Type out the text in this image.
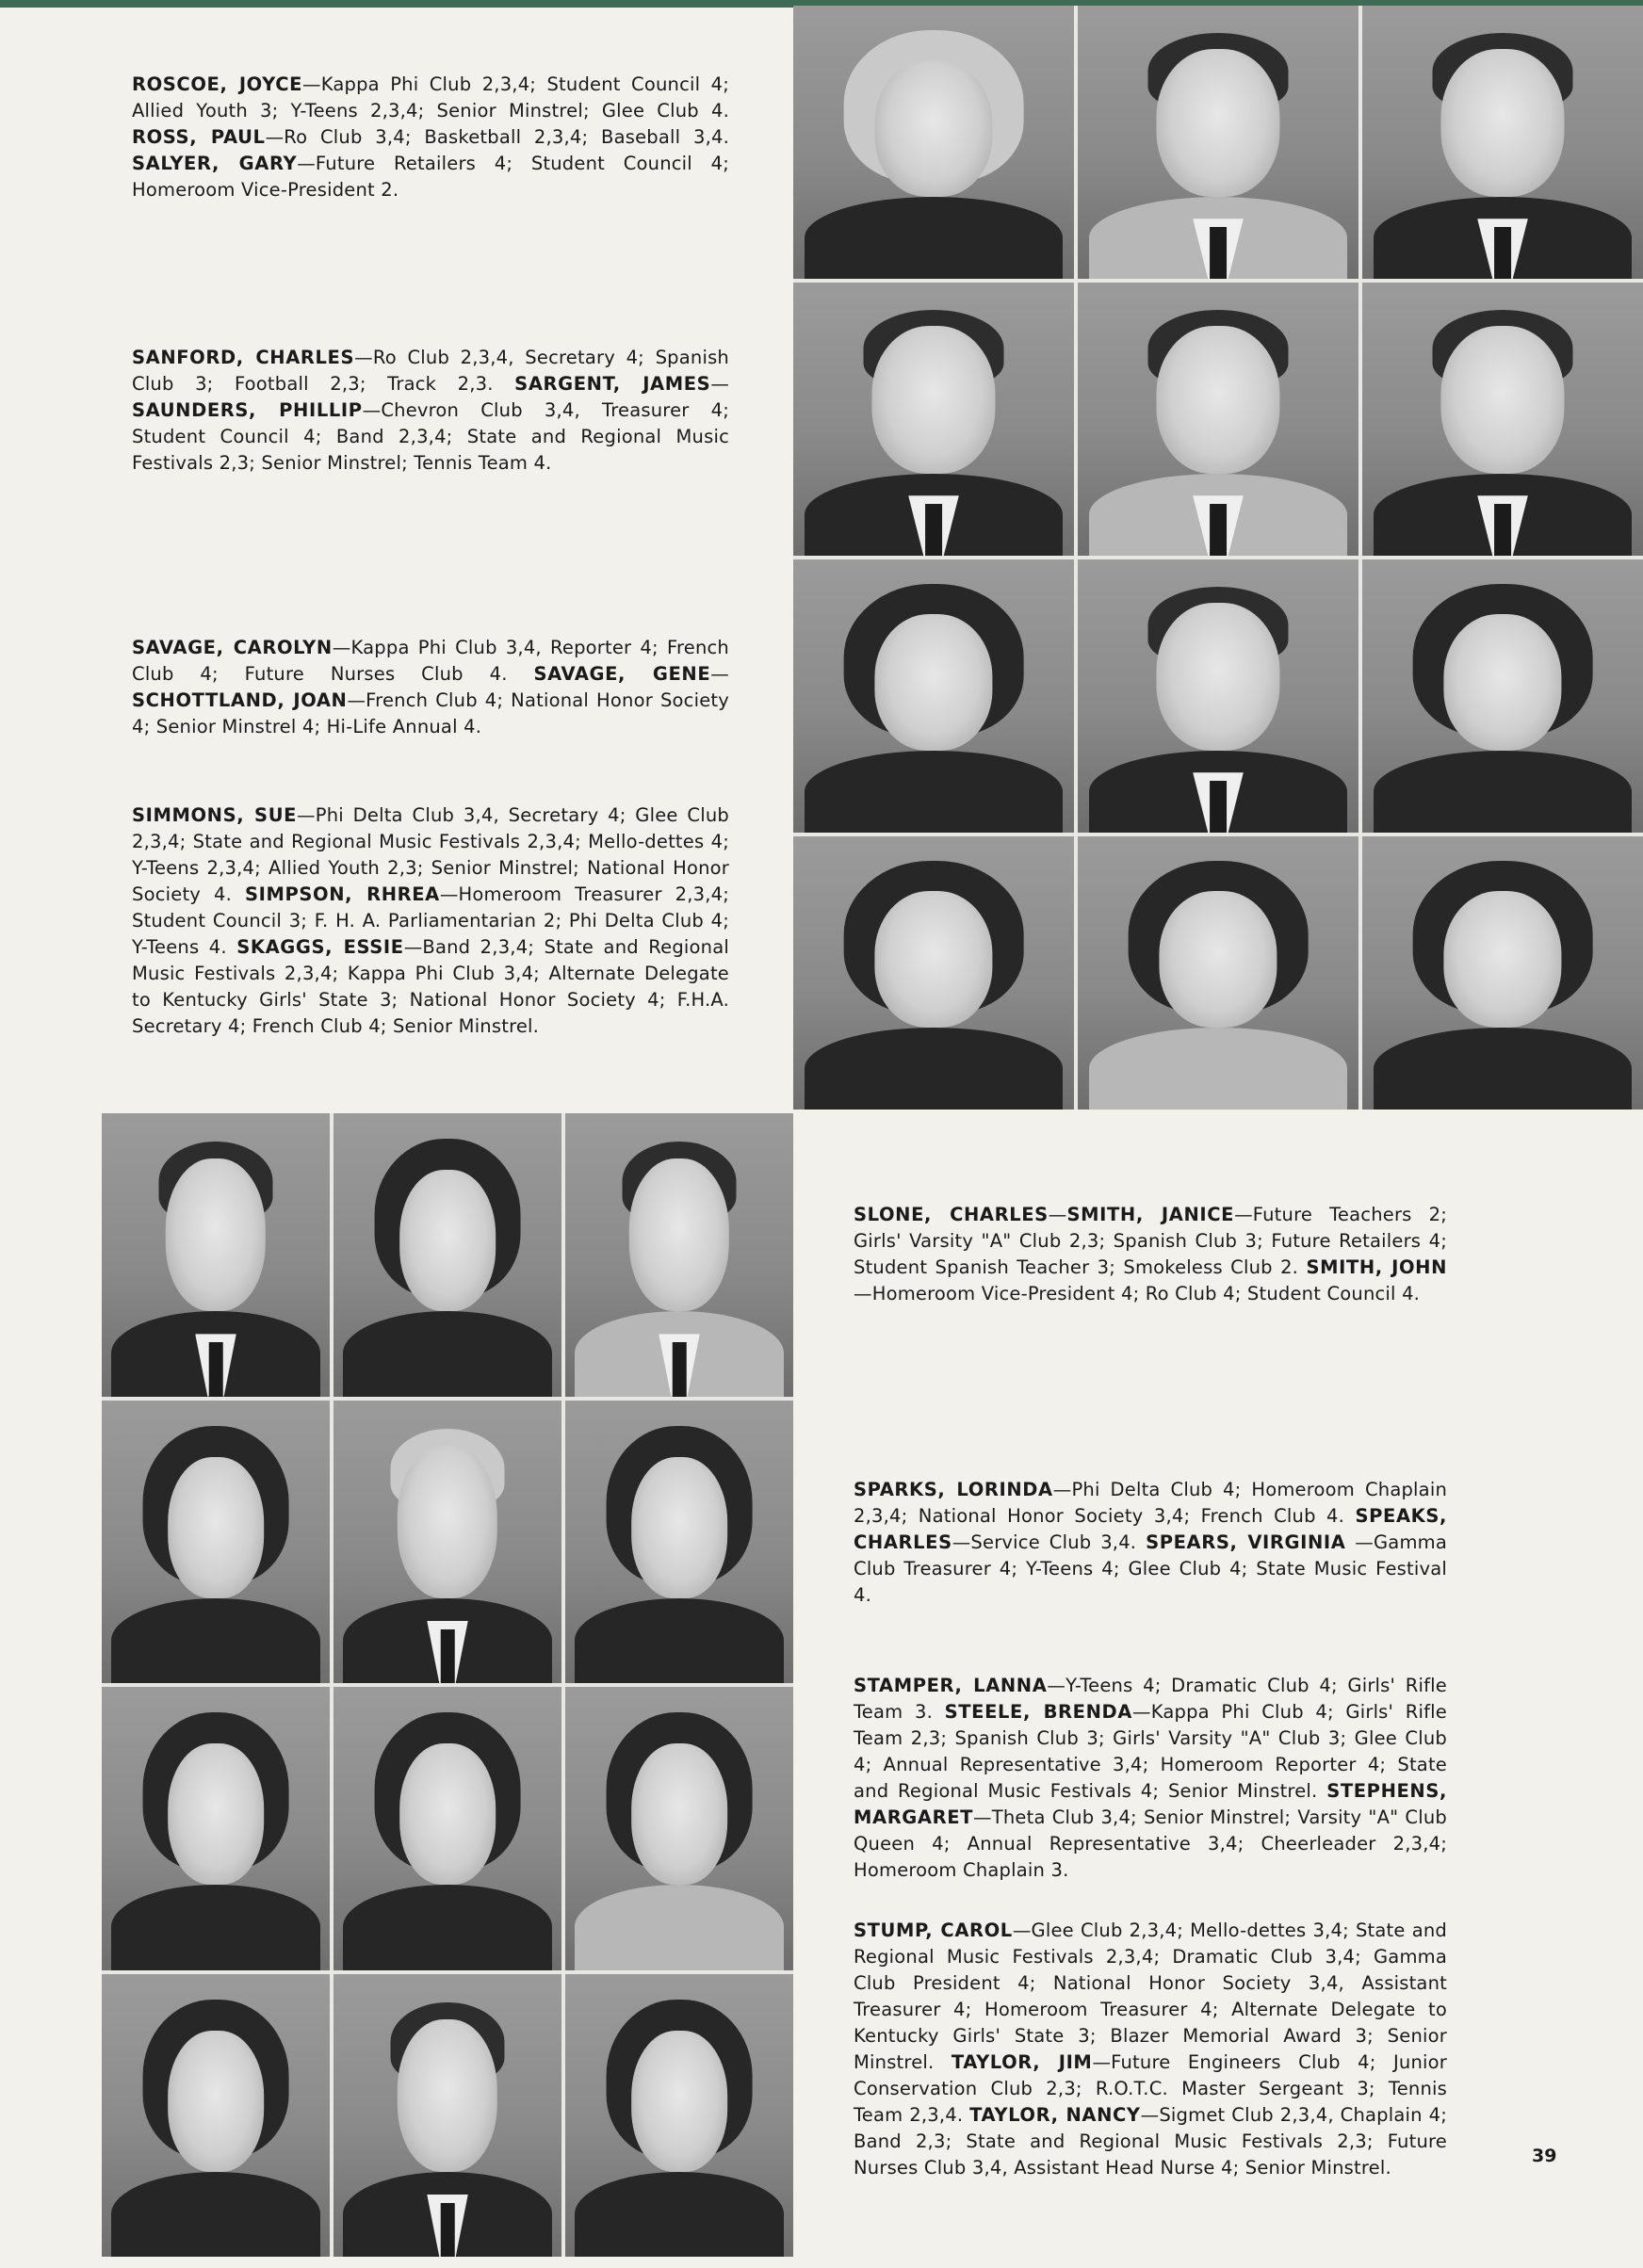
ROSCOE, JOYCE—Kappa Phi Club 2,3,4; Student Council 4; Allied Youth 3; Y-Teens 2,3,4; Senior Minstrel; Glee Club 4. ROSS, PAUL—Ro Club 3,4; Basketball 2,3,4; Baseball 3,4. SALYER, GARY—Future Retailers 4; Student Council 4; Homeroom Vice-President 2.
SANFORD, CHARLES—Ro Club 2,3,4, Secretary 4; Spanish Club 3; Football 2,3; Track 2,3. SARGENT, JAMES— SAUNDERS, PHILLIP—Chevron Club 3,4, Treasurer 4; Student Council 4; Band 2,3,4; State and Regional Music Festivals 2,3; Senior Minstrel; Tennis Team 4.
SAVAGE, CAROLYN—Kappa Phi Club 3,4, Reporter 4; French Club 4; Future Nurses Club 4. SAVAGE, GENE— SCHOTTLAND, JOAN—French Club 4; National Honor Society 4; Senior Minstrel 4; Hi-Life Annual 4.
SIMMONS, SUE—Phi Delta Club 3,4, Secretary 4; Glee Club 2,3,4; State and Regional Music Festivals 2,3,4; Mello-dettes 4; Y-Teens 2,3,4; Allied Youth 2,3; Senior Minstrel; National Honor Society 4. SIMPSON, RHREA—Homeroom Treasurer 2,3,4; Student Council 3; F. H. A. Parliamentarian 2; Phi Delta Club 4; Y-Teens 4. SKAGGS, ESSIE—Band 2,3,4; State and Regional Music Festivals 2,3,4; Kappa Phi Club 3,4; Alternate Delegate to Kentucky Girls' State 3; National Honor Society 4; F.H.A. Secretary 4; French Club 4; Senior Minstrel.
SLONE, CHARLES—SMITH, JANICE—Future Teachers 2; Girls' Varsity "A" Club 2,3; Spanish Club 3; Future Retailers 4; Student Spanish Teacher 3; Smokeless Club 2. SMITH, JOHN—Homeroom Vice-President 4; Ro Club 4; Student Council 4.
SPARKS, LORINDA—Phi Delta Club 4; Homeroom Chaplain 2,3,4; National Honor Society 3,4; French Club 4. SPEAKS, CHARLES—Service Club 3,4. SPEARS, VIRGINIA —Gamma Club Treasurer 4; Y-Teens 4; Glee Club 4; State Music Festival 4.
STAMPER, LANNA—Y-Teens 4; Dramatic Club 4; Girls' Rifle Team 3. STEELE, BRENDA—Kappa Phi Club 4; Girls' Rifle Team 2,3; Spanish Club 3; Girls' Varsity "A" Club 3; Glee Club 4; Annual Representative 3,4; Homeroom Reporter 4; State and Regional Music Festivals 4; Senior Minstrel. STEPHENS, MARGARET—Theta Club 3,4; Senior Minstrel; Varsity "A" Club Queen 4; Annual Representative 3,4; Cheerleader 2,3,4; Homeroom Chaplain 3.
STUMP, CAROL—Glee Club 2,3,4; Mello-dettes 3,4; State and Regional Music Festivals 2,3,4; Dramatic Club 3,4; Gamma Club President 4; National Honor Society 3,4, Assistant Treasurer 4; Homeroom Treasurer 4; Alternate Delegate to Kentucky Girls' State 3; Blazer Memorial Award 3; Senior Minstrel. TAYLOR, JIM—Future Engineers Club 4; Junior Conservation Club 2,3; R.O.T.C. Master Sergeant 3; Tennis Team 2,3,4. TAYLOR, NANCY—Sigmet Club 2,3,4, Chaplain 4; Band 2,3; State and Regional Music Festivals 2,3; Future Nurses Club 3,4, Assistant Head Nurse 4; Senior Minstrel.
39
